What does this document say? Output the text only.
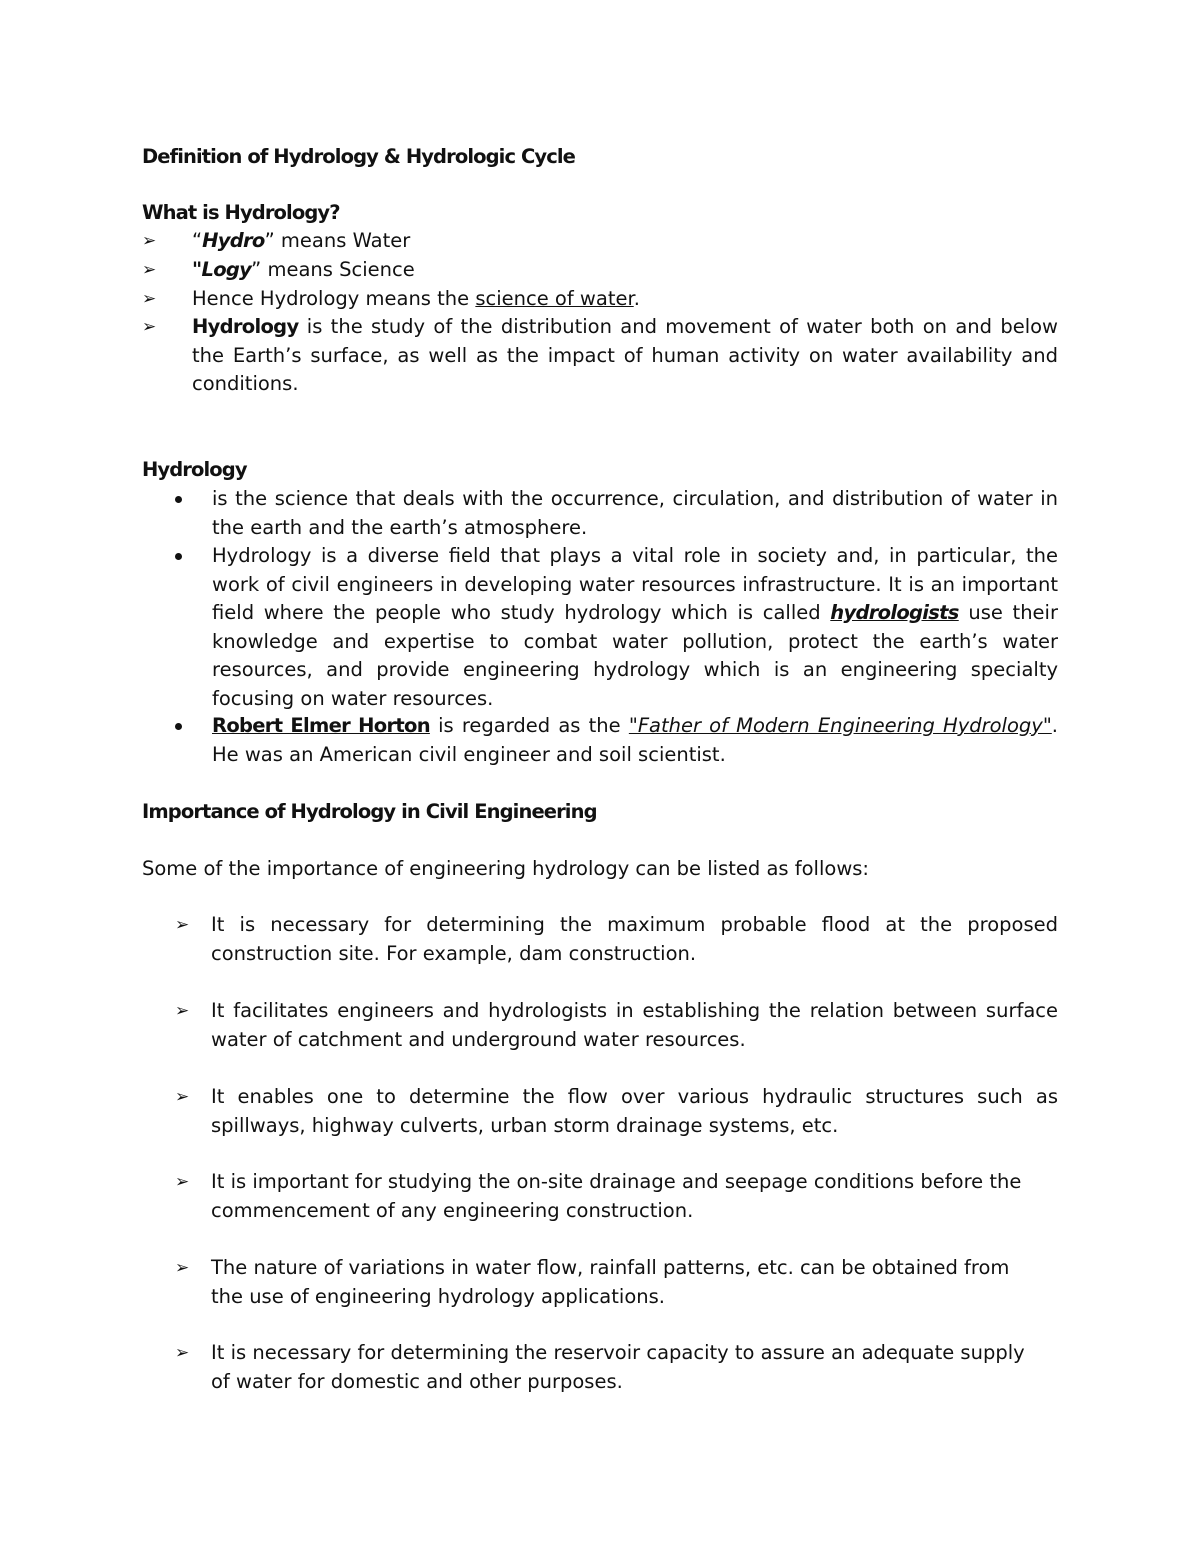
Definition of Hydrology & Hydrologic Cycle
What is Hydrology?
➢ “Hydro” means Water

➢ "Logy” means Science

➢ Hence Hydrology means the science of water.

➢ Hydrology is the study of the distribution and movement of water both on and below the Earth’s surface, as well as the impact of human activity on water availability and conditions.

Hydrology

is the science that deals with the occurrence, circulation, and distribution of water in the earth and the earth’s atmosphere.

Hydrology is a diverse field that plays a vital role in society and, in particular, the work of civil engineers in developing water resources infrastructure. It is an important field where the people who study hydrology which is called hydrologists use their knowledge and expertise to combat water pollution, protect the earth’s water resources, and provide engineering hydrology which is an engineering specialty focusing on water resources.

Robert Elmer Horton is regarded as the "Father of Modern Engineering Hydrology". He was an American civil engineer and soil scientist.

Importance of Hydrology in Civil Engineering

Some of the importance of engineering hydrology can be listed as follows:

➢ It is necessary for determining the maximum probable flood at the proposed construction site. For example, dam construction.

➢ It facilitates engineers and hydrologists in establishing the relation between surface water of catchment and underground water resources.

➢ It enables one to determine the flow over various hydraulic structures such as spillways, highway culverts, urban storm drainage systems, etc.

➢ It is important for studying the on-site drainage and seepage conditions before the commencement of any engineering construction.

➢ The nature of variations in water flow, rainfall patterns, etc. can be obtained from the use of engineering hydrology applications.

➢ It is necessary for determining the reservoir capacity to assure an adequate supply of water for domestic and other purposes.
